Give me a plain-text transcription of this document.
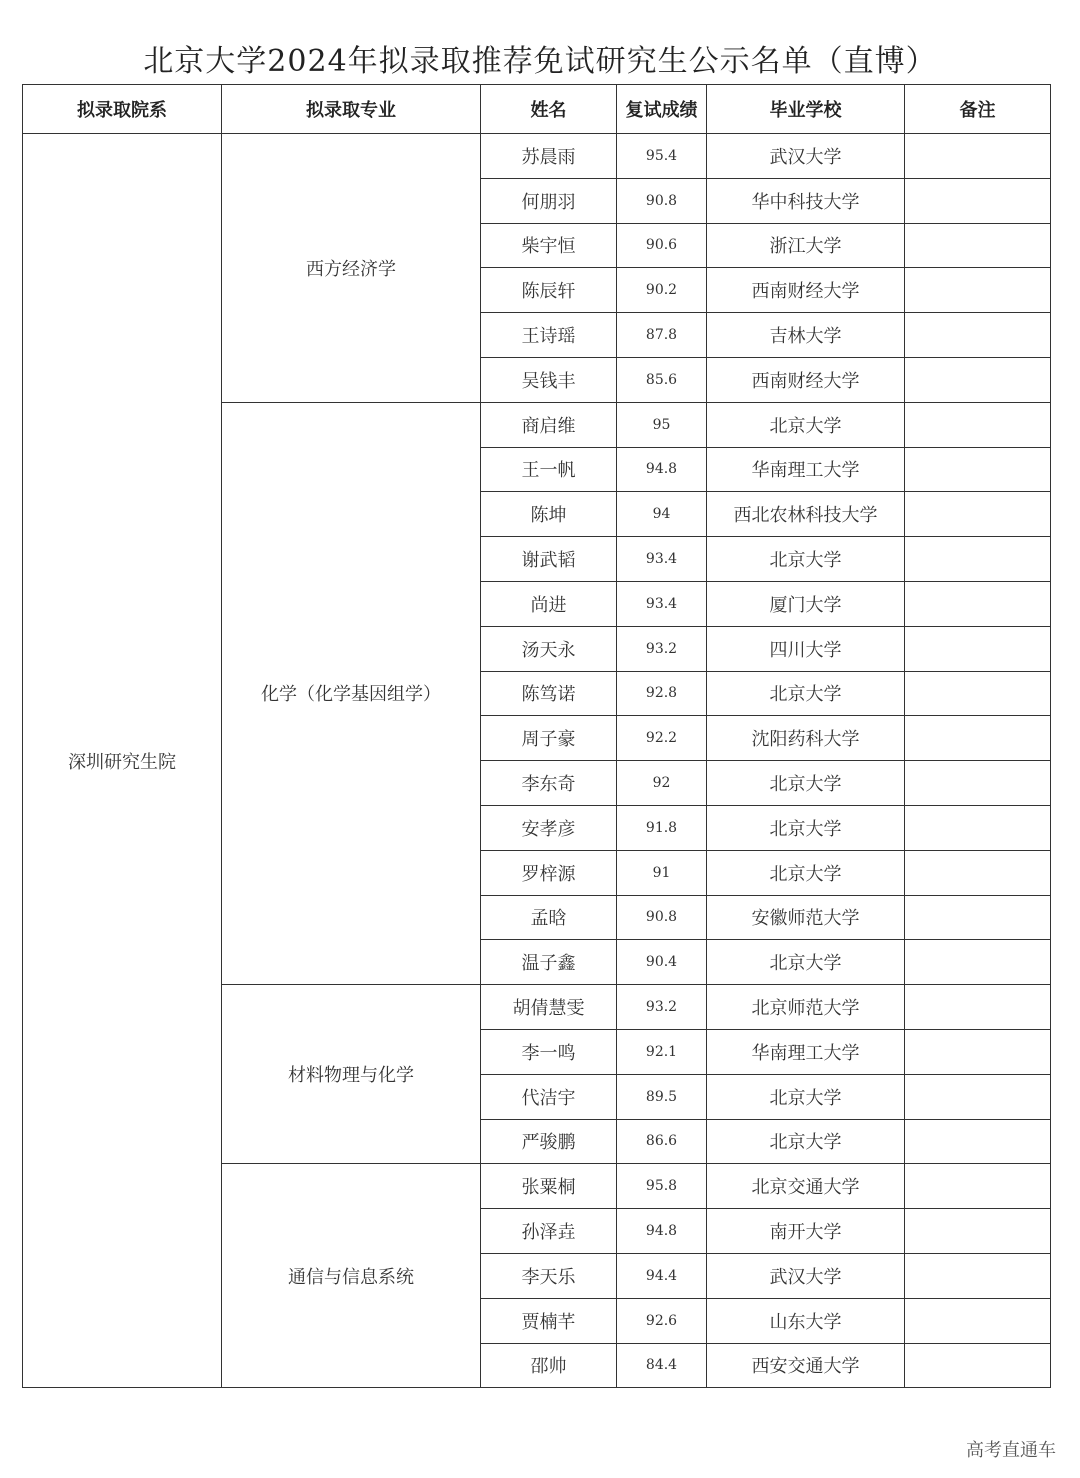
北京大学2024年拟录取推荐免试研究生公示名单（直博）
拟录取院系	拟录取专业	姓名	复试成绩	毕业学校	备注
深圳研究生院	西方经济学	苏晨雨	95.4	武汉大学	
		何朋羽	90.8	华中科技大学	
		柴宇恒	90.6	浙江大学	
		陈辰轩	90.2	西南财经大学	
		王诗瑶	87.8	吉林大学	
		吴钱丰	85.6	西南财经大学	
	化学（化学基因组学）	商启维	95	北京大学	
		王一帆	94.8	华南理工大学	
		陈坤	94	西北农林科技大学	
		谢武韬	93.4	北京大学	
		尚进	93.4	厦门大学	
		汤天永	93.2	四川大学	
		陈笃诺	92.8	北京大学	
		周子豪	92.2	沈阳药科大学	
		李东奇	92	北京大学	
		安孝彦	91.8	北京大学	
		罗梓源	91	北京大学	
		孟晗	90.8	安徽师范大学	
		温子鑫	90.4	北京大学	
	材料物理与化学	胡倩慧雯	93.2	北京师范大学	
		李一鸣	92.1	华南理工大学	
		代洁宇	89.5	北京大学	
		严骏鹏	86.6	北京大学	
	通信与信息系统	张粟桐	95.8	北京交通大学	
		孙泽垚	94.8	南开大学	
		李天乐	94.4	武汉大学	
		贾楠芊	92.6	山东大学	
		邵帅	84.4	西安交通大学	
高考直通车
